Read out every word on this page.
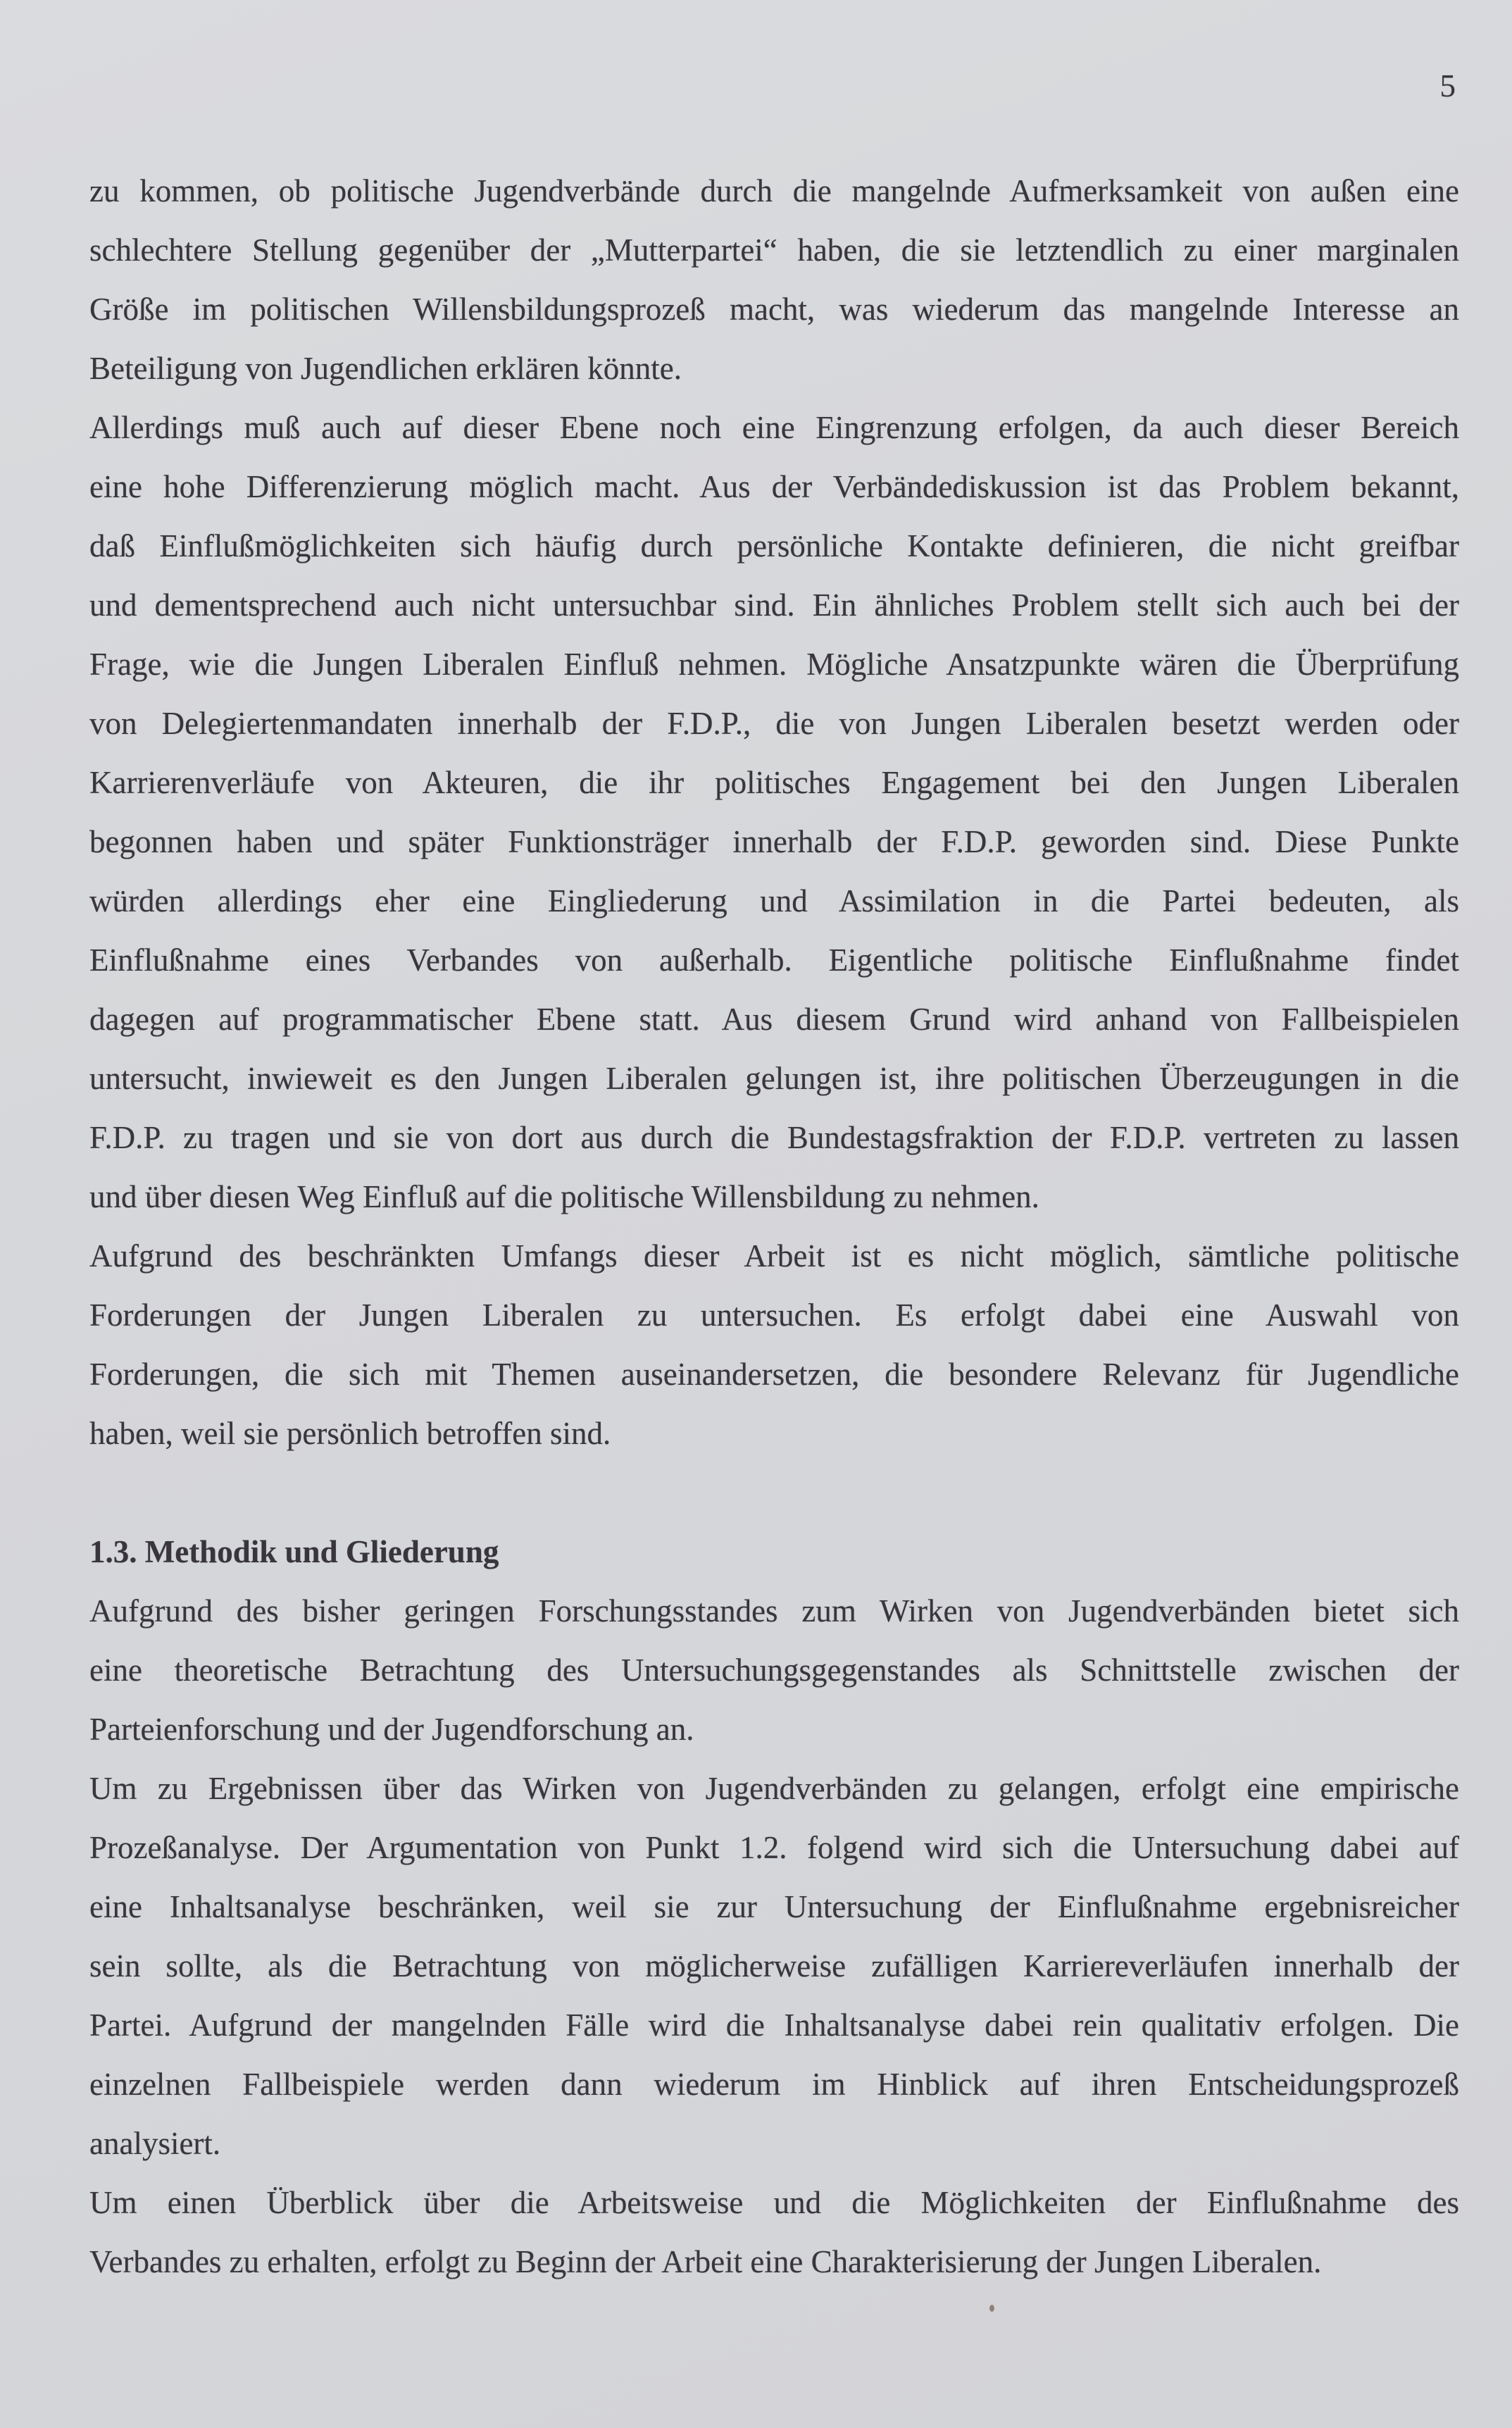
5
zu kommen, ob politische Jugendverbände durch die mangelnde Aufmerksamkeit von außen eine
schlechtere Stellung gegenüber der „Mutterpartei“ haben, die sie letztendlich zu einer marginalen
Größe im politischen Willensbildungsprozeß macht, was wiederum das mangelnde Interesse an
Beteiligung von Jugendlichen erklären könnte.
Allerdings muß auch auf dieser Ebene noch eine Eingrenzung erfolgen, da auch dieser Bereich
eine hohe Differenzierung möglich macht. Aus der Verbändediskussion ist das Problem bekannt,
daß Einflußmöglichkeiten sich häufig durch persönliche Kontakte definieren, die nicht greifbar
und dementsprechend auch nicht untersuchbar sind. Ein ähnliches Problem stellt sich auch bei der
Frage, wie die Jungen Liberalen Einfluß nehmen. Mögliche Ansatzpunkte wären die Überprüfung
von Delegiertenmandaten innerhalb der F.D.P., die von Jungen Liberalen besetzt werden oder
Karrierenverläufe von Akteuren, die ihr politisches Engagement bei den Jungen Liberalen
begonnen haben und später Funktionsträger innerhalb der F.D.P. geworden sind. Diese Punkte
würden allerdings eher eine Eingliederung und Assimilation in die Partei bedeuten, als
Einflußnahme eines Verbandes von außerhalb. Eigentliche politische Einflußnahme findet
dagegen auf programmatischer Ebene statt. Aus diesem Grund wird anhand von Fallbeispielen
untersucht, inwieweit es den Jungen Liberalen gelungen ist, ihre politischen Überzeugungen in die
F.D.P. zu tragen und sie von dort aus durch die Bundestagsfraktion der F.D.P. vertreten zu lassen
und über diesen Weg Einfluß auf die politische Willensbildung zu nehmen.
Aufgrund des beschränkten Umfangs dieser Arbeit ist es nicht möglich, sämtliche politische
Forderungen der Jungen Liberalen zu untersuchen. Es erfolgt dabei eine Auswahl von
Forderungen, die sich mit Themen auseinandersetzen, die besondere Relevanz für Jugendliche
haben, weil sie persönlich betroffen sind.
1.3. Methodik und Gliederung
Aufgrund des bisher geringen Forschungsstandes zum Wirken von Jugendverbänden bietet sich
eine theoretische Betrachtung des Untersuchungsgegenstandes als Schnittstelle zwischen der
Parteienforschung und der Jugendforschung an.
Um zu Ergebnissen über das Wirken von Jugendverbänden zu gelangen, erfolgt eine empirische
Prozeßanalyse. Der Argumentation von Punkt 1.2. folgend wird sich die Untersuchung dabei auf
eine Inhaltsanalyse beschränken, weil sie zur Untersuchung der Einflußnahme ergebnisreicher
sein sollte, als die Betrachtung von möglicherweise zufälligen Karriereverläufen innerhalb der
Partei. Aufgrund der mangelnden Fälle wird die Inhaltsanalyse dabei rein qualitativ erfolgen. Die
einzelnen Fallbeispiele werden dann wiederum im Hinblick auf ihren Entscheidungsprozeß
analysiert.
Um einen Überblick über die Arbeitsweise und die Möglichkeiten der Einflußnahme des
Verbandes zu erhalten, erfolgt zu Beginn der Arbeit eine Charakterisierung der Jungen Liberalen.
